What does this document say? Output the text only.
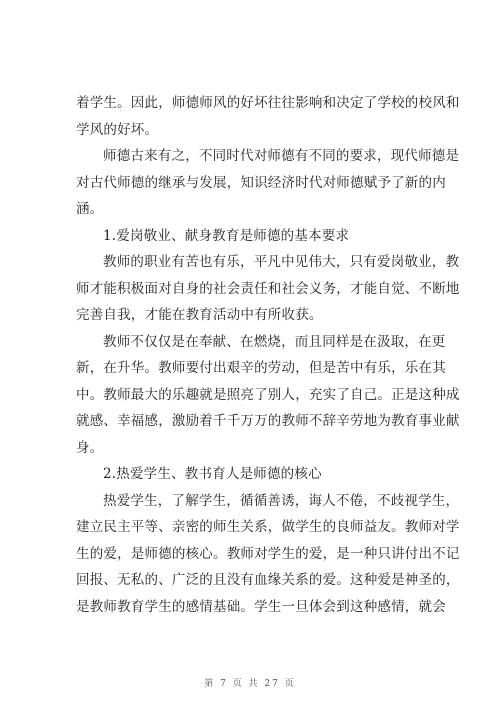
着学生。因此，师德师风的好坏往往影响和决定了学校的校风和
学风的好坏。

师德古来有之，不同时代对师德有不同的要求，现代师德是
对古代师德的继承与发展，知识经济时代对师德赋予了新的内
涵。

1.爱岗敬业、献身教育是师德的基本要求

教师的职业有苦也有乐，平凡中见伟大，只有爱岗敬业，教
师才能积极面对自身的社会责任和社会义务，才能自觉、不断地
完善自我，才能在教育活动中有所收获。

教师不仅仅是在奉献、在燃烧，而且同样是在汲取，在更
新，在升华。教师要付出艰辛的劳动，但是苦中有乐，乐在其
中。教师最大的乐趣就是照亮了别人，充实了自己。正是这种成
就感、幸福感，激励着千千万万的教师不辞辛劳地为教育事业献
身。

2.热爱学生、教书育人是师德的核心

热爱学生，了解学生，循循善诱，诲人不倦，不歧视学生，
建立民主平等、亲密的师生关系，做学生的良师益友。教师对学
生的爱，是师德的核心。教师对学生的爱，是一种只讲付出不记
回报、无私的、广泛的且没有血缘关系的爱。这种爱是神圣的，
是教师教育学生的感情基础。学生一旦体会到这种感情，就会

第 7 页 共 27 页
